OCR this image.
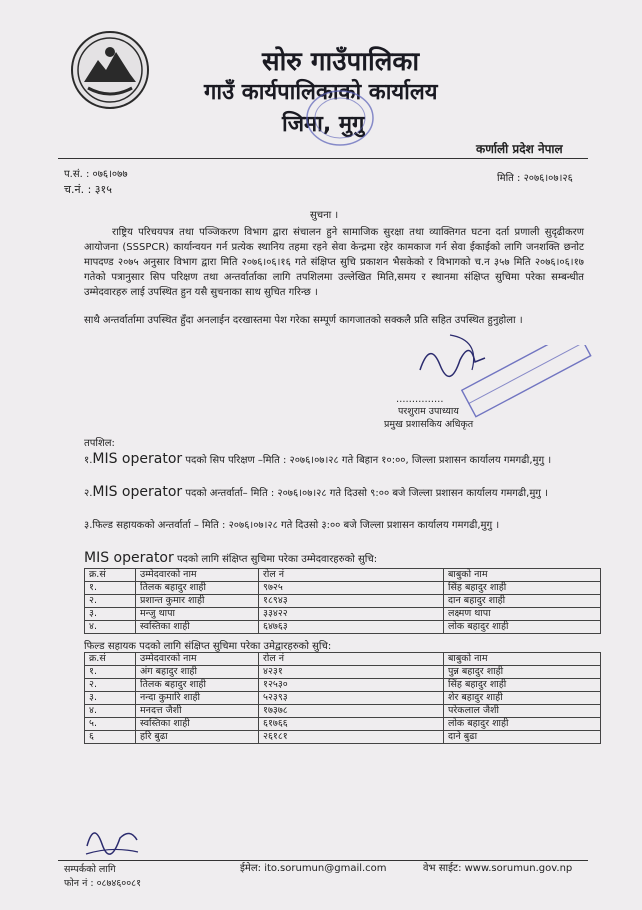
सोरु गाउँपालिका
गाउँ कार्यपालिकाको कार्यालय
जिमा, मुगु
कर्णाली प्रदेश नेपाल
प.सं. : ०७६।०७७
च.नं. : ३१५
मिति : २०७६।०७।२६
सुचना ।
राष्ट्रिय परिचयपत्र तथा पञ्जिकरण विभाग द्वारा संचालन हुने सामाजिक सुरक्षा तथा व्याक्तिगत घटना दर्ता प्रणाली सुदृढीकरण आयोजना (SSSPCR) कार्यान्वयन गर्न प्रत्येक स्थानिय तहमा रहने सेवा केन्द्रमा रहेर कामकाज गर्न सेवा ईकाईको लागि जनशक्ति छनोट मापदण्ड २०७५ अनुसार विभाग द्वारा मिति २०७६।०६।१६ गते संक्षिप्त सुचि प्रकाशन भैसकेको र विभागको च.न ३५७ मिति २०७६।०६।१७ गतेको पत्रानुसार सिप परिक्षण तथा अन्तर्वार्ताका लागि तपशिलमा उल्लेखित मिति,समय र स्थानमा संक्षिप्त सुचिमा परेका सम्बन्धीत उम्मेदवारहरु लाई उपस्थित हुन यसै सुचनाका साथ सुचित गरिन्छ ।
साथै अन्तर्वार्तामा उपस्थित हुँदा अनलाईन दरखास्तमा पेश गरेका सम्पूर्ण कागजातको सक्कलै प्रति सहित उपस्थित हुनुहोला ।
……………
परशुराम उपाध्याय
प्रमुख प्रशासकिय अधिकृत
तपशिल:
१.MIS operator पदको सिप परिक्षण –मिति : २०७६।०७।२८ गते बिहान १०:००, जिल्ला प्रशासन कार्यालय गमगढी,मुगु ।
२.MIS operator पदको अन्तर्वार्ता– मिति : २०७६।०७।२८ गते दिउसो ९:०० बजे जिल्ला प्रशासन कार्यालय गमगढी,मुगु ।
३.फिल्ड सहायकको अन्तर्वार्ता – मिति : २०७६।०७।२८ गते दिउसो ३:०० बजे जिल्ला प्रशासन कार्यालय गमगढी,मुगु ।
MIS operator पदको लागि संक्षिप्त सुचिमा परेका उम्मेदवारहरुको सुचि:
क्र.सं	उम्मेदवारको नाम	रोल नं	बाबुको नाम
१.	तिलक बहादुर शाही	९७२५	सिंह बहादुर शाही
२.	प्रशान्त कुमार शाही	१८९४३	दान बहादुर शाही
३.	मन्जु थापा	३३४२२	लक्ष्मण थापा
४.	स्वस्तिका शाही	६४७६३	लोक बहादुर शाही
फिल्ड सहायक पदको लागि संक्षिप्त सुचिमा परेका उमेद्वारहरुको सुचि:
क्र.सं	उम्मेदवारको नाम	रोल नं	बाबुको नाम
१.	अंग बहादुर शाही	४२३१	पुन्न बहादुर शाही
२.	तिलक बहादुर शाही	१२५३०	सिंह बहादुर शाही
३.	नन्दा कुमारि शाही	५२३९३	शेर बहादुर शाही
४.	मनदत्त जैशी	१७३७८	परेकलाल जैशी
५.	स्वस्तिका शाही	६१७६६	लोक बहादुर शाही
६	हरि बुढा	२६१८१	दाने बुढा
सम्पर्कको लागि
फोन नं : ०८७४६००८१
ईमेल: ito.sorumun@gmail.com	वेभ साईट: www.sorumun.gov.np
